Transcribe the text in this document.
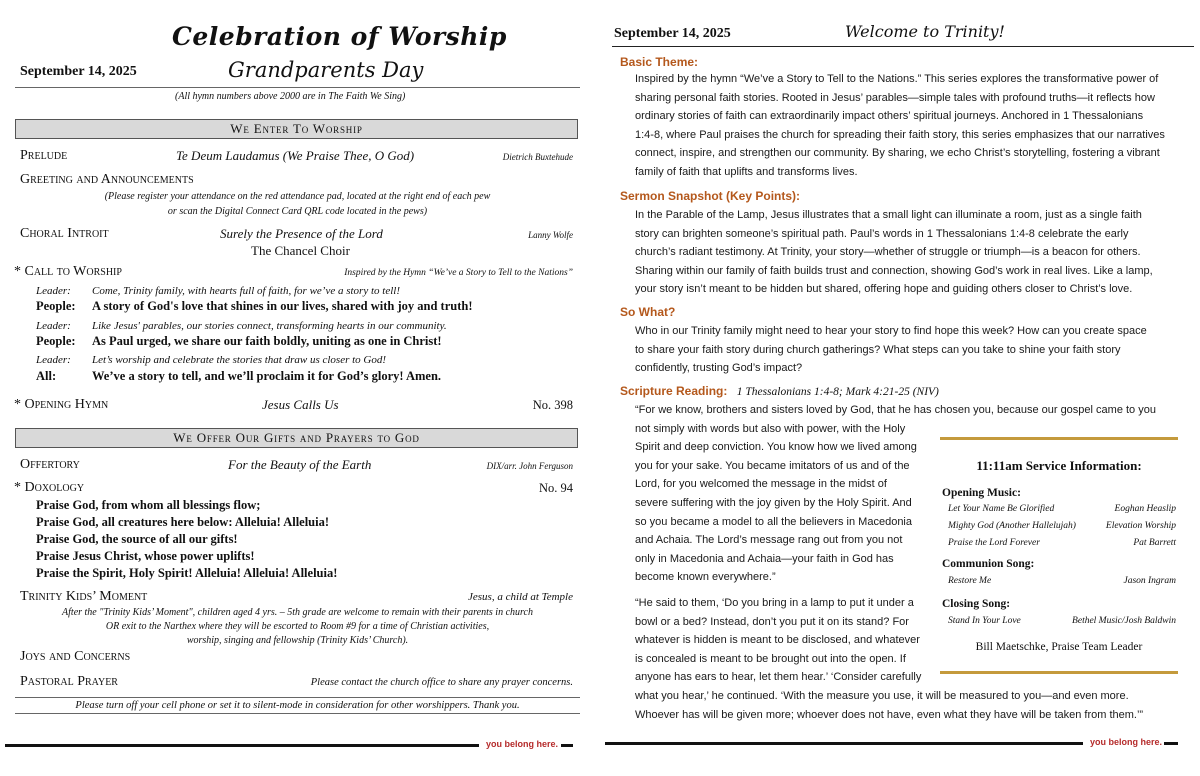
Celebration of Worship
September 14, 2025	Grandparents Day
(All hymn numbers above 2000 are in The Faith We Sing)
We Enter To Worship
Prelude	Te Deum Laudamus (We Praise Thee, O God)	Dietrich Buxtehude
Greeting and Announcements
(Please register your attendance on the red attendance pad, located at the right end of each pew
or scan the Digital Connect Card QRL code located in the pews)
Choral Introit	Surely the Presence of the Lord	Lanny Wolfe
The Chancel Choir
* Call to Worship	Inspired by the Hymn “We’ve a Story to Tell to the Nations”
Leader: Come, Trinity family, with hearts full of faith, for we’ve a story to tell!
People: A story of God's love that shines in our lives, shared with joy and truth!
Leader: Like Jesus' parables, our stories connect, transforming hearts in our community.
People: As Paul urged, we share our faith boldly, uniting as one in Christ!
Leader: Let’s worship and celebrate the stories that draw us closer to God!
All:	We’ve a story to tell, and we’ll proclaim it for God’s glory! Amen.
* Opening Hymn	Jesus Calls Us	No. 398
We Offer Our Gifts and Prayers to God
Offertory	For the Beauty of the Earth	DIX/arr. John Ferguson
* Doxology	No. 94
Praise God, from whom all blessings flow;
Praise God, all creatures here below: Alleluia! Alleluia!
Praise God, the source of all our gifts!
Praise Jesus Christ, whose power uplifts!
Praise the Spirit, Holy Spirit! Alleluia! Alleluia! Alleluia!
Trinity Kids’ Moment	Jesus, a child at Temple
After the "Trinity Kids’ Moment", children aged 4 yrs. – 5th grade are welcome to remain with their parents in church
OR exit to the Narthex where they will be escorted to Room #9 for a time of Christian activities,
worship, singing and fellowship (Trinity Kids’ Church).
Joys and Concerns
Pastoral Prayer	Please contact the church office to share any prayer concerns.
Please turn off your cell phone or set it to silent-mode in consideration for other worshippers. Thank you.
you belong here.
September 14, 2025	Welcome to Trinity!
Basic Theme:
Inspired by the hymn “We’ve a Story to Tell to the Nations.” This series explores the transformative power of
sharing personal faith stories. Rooted in Jesus’ parables—simple tales with profound truths—it reflects how
ordinary stories of faith can extraordinarily impact others’ spiritual journeys. Anchored in 1 Thessalonians
1:4-8, where Paul praises the church for spreading their faith story, this series emphasizes that our narratives
connect, inspire, and strengthen our community. By sharing, we echo Christ’s storytelling, fostering a vibrant
family of faith that uplifts and transforms lives.
Sermon Snapshot (Key Points):
In the Parable of the Lamp, Jesus illustrates that a small light can illuminate a room, just as a single faith
story can brighten someone’s spiritual path. Paul’s words in 1 Thessalonians 1:4-8 celebrate the early
church’s radiant testimony. At Trinity, your story—whether of struggle or triumph—is a beacon for others.
Sharing within our family of faith builds trust and connection, showing God’s work in real lives. Like a lamp,
your story isn’t meant to be hidden but shared, offering hope and guiding others closer to Christ’s love.
So What?
Who in our Trinity family might need to hear your story to find hope this week? How can you create space
to share your faith story during church gatherings? What steps can you take to shine your faith story
confidently, trusting God’s impact?
Scripture Reading: 1 Thessalonians 1:4-8; Mark 4:21-25 (NIV)
“For we know, brothers and sisters loved by God, that he has chosen you, because our gospel came to you
not simply with words but also with power, with the Holy
Spirit and deep conviction. You know how we lived among
you for your sake. You became imitators of us and of the
Lord, for you welcomed the message in the midst of
severe suffering with the joy given by the Holy Spirit. And
so you became a model to all the believers in Macedonia
and Achaia. The Lord’s message rang out from you not
only in Macedonia and Achaia—your faith in God has
become known everywhere.”
“He said to them, ‘Do you bring in a lamp to put it under a
bowl or a bed? Instead, don’t you put it on its stand? For
whatever is hidden is meant to be disclosed, and whatever
is concealed is meant to be brought out into the open. If
anyone has ears to hear, let them hear.’ ‘Consider carefully
what you hear,’ he continued. ‘With the measure you use, it will be measured to you—and even more.
Whoever has will be given more; whoever does not have, even what they have will be taken from them.’”
11:11am Service Information:
Opening Music:
Let Your Name Be Glorified	Eoghan Heaslip
Mighty God (Another Hallelujah)	Elevation Worship
Praise the Lord Forever	Pat Barrett
Communion Song:
Restore Me	Jason Ingram
Closing Song:
Stand In Your Love	Bethel Music/Josh Baldwin
Bill Maetschke, Praise Team Leader
you belong here.
